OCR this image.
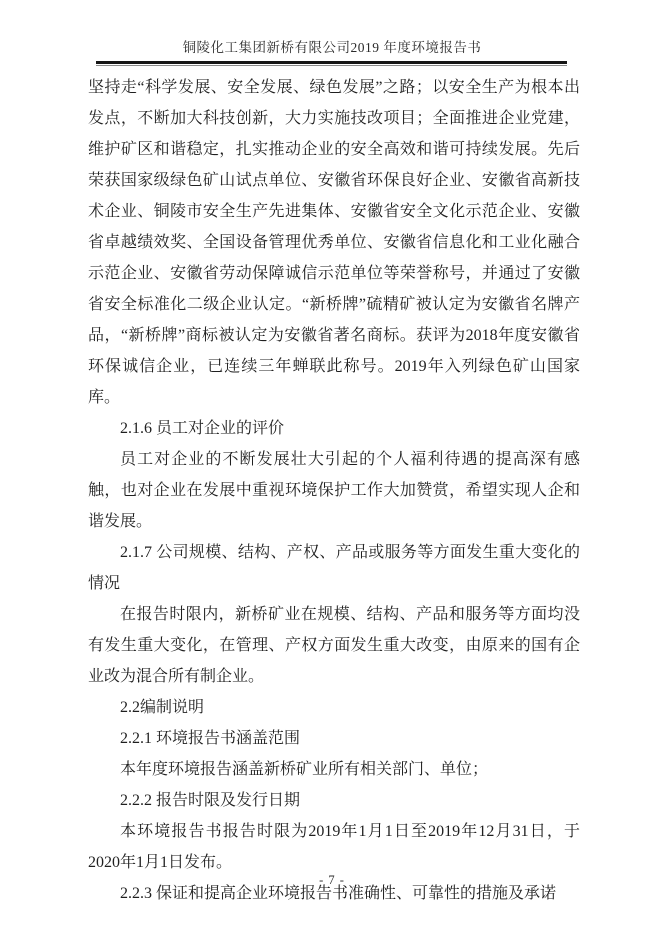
铜陵化工集团新桥有限公司2019 年度环境报告书

坚持走“科学发展、安全发展、绿色发展”之路；以安全生产为根本出发点，不断加大科技创新，大力实施技改项目；全面推进企业党建，维护矿区和谐稳定，扎实推动企业的安全高效和谐可持续发展。先后荣获国家级绿色矿山试点单位、安徽省环保良好企业、安徽省高新技术企业、铜陵市安全生产先进集体、安徽省安全文化示范企业、安徽省卓越绩效奖、全国设备管理优秀单位、安徽省信息化和工业化融合示范企业、安徽省劳动保障诚信示范单位等荣誉称号，并通过了安徽省安全标准化二级企业认定。“新桥牌”硫精矿被认定为安徽省名牌产品，“新桥牌”商标被认定为安徽省著名商标。获评为2018年度安徽省环保诚信企业，已连续三年蝉联此称号。2019年入列绿色矿山国家库。

2.1.6 员工对企业的评价

员工对企业的不断发展壮大引起的个人福利待遇的提高深有感触，也对企业在发展中重视环境保护工作大加赞赏，希望实现人企和谐发展。

2.1.7 公司规模、结构、产权、产品或服务等方面发生重大变化的情况

在报告时限内，新桥矿业在规模、结构、产品和服务等方面均没有发生重大变化，在管理、产权方面发生重大改变，由原来的国有企业改为混合所有制企业。

2.2编制说明

2.2.1 环境报告书涵盖范围

本年度环境报告涵盖新桥矿业所有相关部门、单位；

2.2.2 报告时限及发行日期

本环境报告书报告时限为2019年1月1日至2019年12月31日，于2020年1月1日发布。

2.2.3 保证和提高企业环境报告书准确性、可靠性的措施及承诺

- 7 -
